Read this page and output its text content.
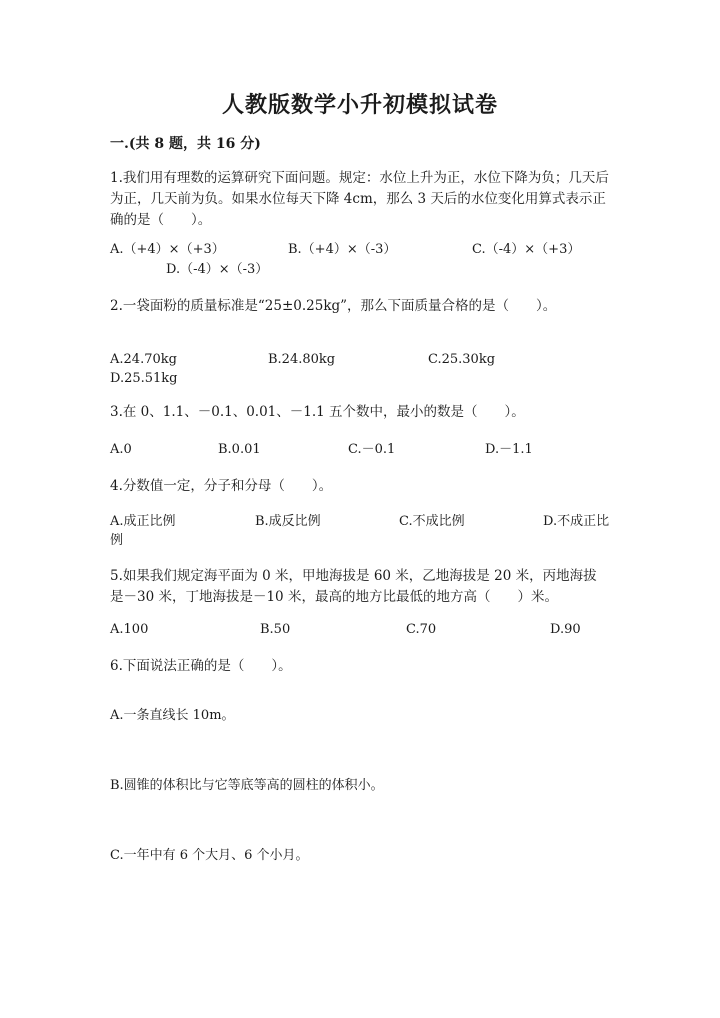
人教版数学小升初模拟试卷
一.(共 8 题，共 16 分)
1.我们用有理数的运算研究下面问题。规定：水位上升为正，水位下降为负；几天后为正，几天前为负。如果水位每天下降 4cm，那么 3 天后的水位变化用算式表示正确的是（　　）。
A.（+4）×（+3）	B.（+4）×（-3）	C.（-4）×（+3）
D.（-4）×（-3）
2.一袋面粉的质量标准是“25±0.25kg”，那么下面质量合格的是（　　）。
A.24.70kg	B.24.80kg	C.25.30kg
D.25.51kg
3.在 0、1.1、－0.1、0.01、－1.1 五个数中，最小的数是（　　）。
A.0	B.0.01	C.－0.1	D.－1.1
4.分数值一定，分子和分母（　　）。
A.成正比例	B.成反比例	C.不成比例	D.不成正比例
5.如果我们规定海平面为 0 米，甲地海拔是 60 米，乙地海拔是 20 米，丙地海拔是－30 米，丁地海拔是－10 米，最高的地方比最低的地方高（　　）米。
A.100	B.50	C.70	D.90
6.下面说法正确的是（　　）。
A.一条直线长 10m。
B.圆锥的体积比与它等底等高的圆柱的体积小。
C.一年中有 6 个大月、6 个小月。
